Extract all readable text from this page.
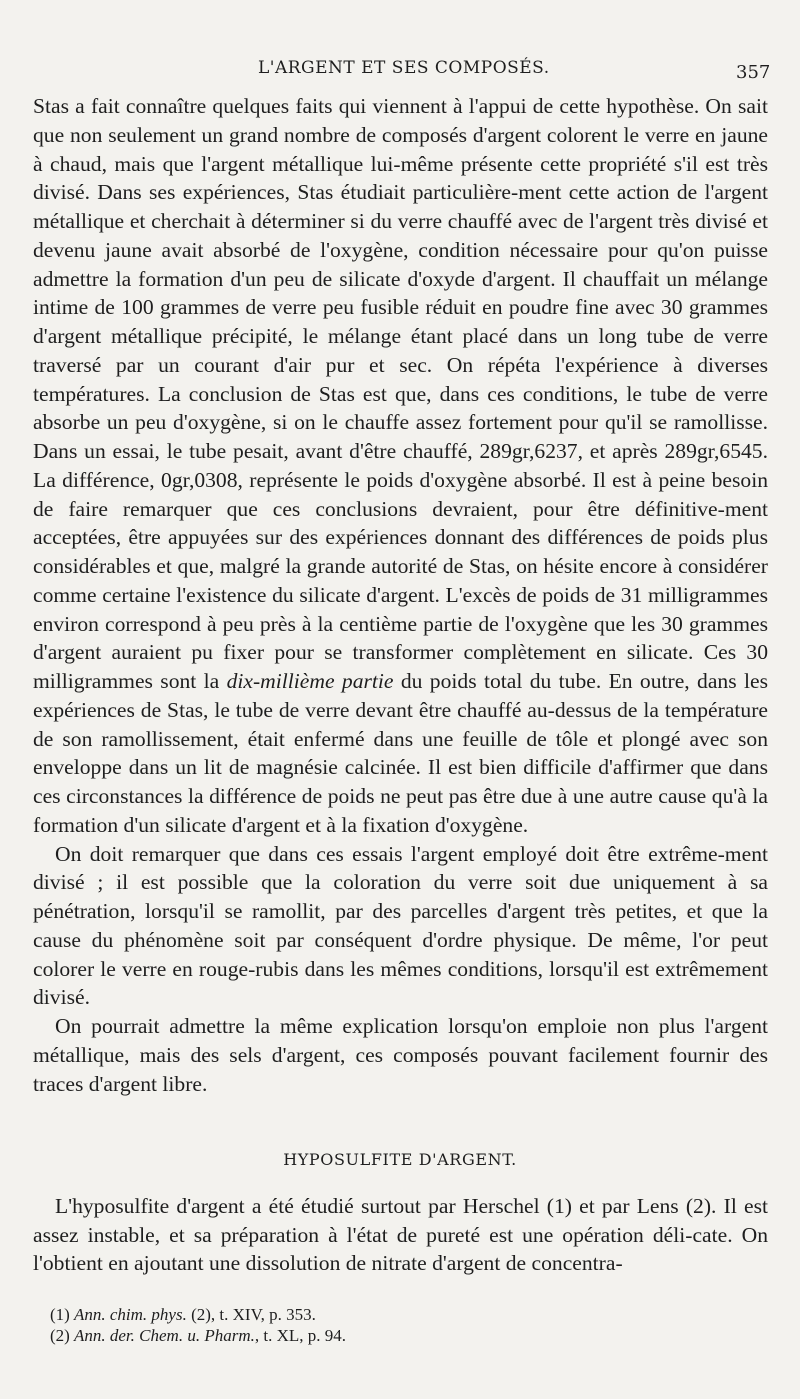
L'ARGENT ET SES COMPOSÉS.	357

Stas a fait connaître quelques faits qui viennent à l'appui de cette hypothèse. On sait que non seulement un grand nombre de composés d'argent colorent le verre en jaune à chaud, mais que l'argent métallique lui-même présente cette propriété s'il est très divisé. Dans ses expériences, Stas étudiait particulière-ment cette action de l'argent métallique et cherchait à déterminer si du verre chauffé avec de l'argent très divisé et devenu jaune avait absorbé de l'oxygène, condition nécessaire pour qu'on puisse admettre la formation d'un peu de silicate d'oxyde d'argent. Il chauffait un mélange intime de 100 grammes de verre peu fusible réduit en poudre fine avec 30 grammes d'argent métallique précipité, le mélange étant placé dans un long tube de verre traversé par un courant d'air pur et sec. On répéta l'expérience à diverses températures. La conclusion de Stas est que, dans ces conditions, le tube de verre absorbe un peu d'oxygène, si on le chauffe assez fortement pour qu'il se ramollisse. Dans un essai, le tube pesait, avant d'être chauffé, 289gr,6237, et après 289gr,6545. La différence, 0gr,0308, représente le poids d'oxygène absorbé. Il est à peine besoin de faire remarquer que ces conclusions devraient, pour être définitive-ment acceptées, être appuyées sur des expériences donnant des différences de poids plus considérables et que, malgré la grande autorité de Stas, on hésite encore à considérer comme certaine l'existence du silicate d'argent. L'excès de poids de 31 milligrammes environ correspond à peu près à la centième partie de l'oxygène que les 30 grammes d'argent auraient pu fixer pour se transformer complètement en silicate. Ces 30 milligrammes sont la dix-millième partie du poids total du tube. En outre, dans les expériences de Stas, le tube de verre devant être chauffé au-dessus de la température de son ramollissement, était enfermé dans une feuille de tôle et plongé avec son enveloppe dans un lit de magnésie calcinée. Il est bien difficile d'affirmer que dans ces circonstances la différence de poids ne peut pas être due à une autre cause qu'à la formation d'un silicate d'argent et à la fixation d'oxygène.

On doit remarquer que dans ces essais l'argent employé doit être extrême-ment divisé ; il est possible que la coloration du verre soit due uniquement à sa pénétration, lorsqu'il se ramollit, par des parcelles d'argent très petites, et que la cause du phénomène soit par conséquent d'ordre physique. De même, l'or peut colorer le verre en rouge-rubis dans les mêmes conditions, lorsqu'il est extrêmement divisé.

On pourrait admettre la même explication lorsqu'on emploie non plus l'argent métallique, mais des sels d'argent, ces composés pouvant facilement fournir des traces d'argent libre.

HYPOSULFITE D'ARGENT.

L'hyposulfite d'argent a été étudié surtout par Herschel (1) et par Lens (2). Il est assez instable, et sa préparation à l'état de pureté est une opération déli-cate. On l'obtient en ajoutant une dissolution de nitrate d'argent de concentra-

(1) Ann. chim. phys. (2), t. XIV, p. 353.
(2) Ann. der. Chem. u. Pharm., t. XL, p. 94.
